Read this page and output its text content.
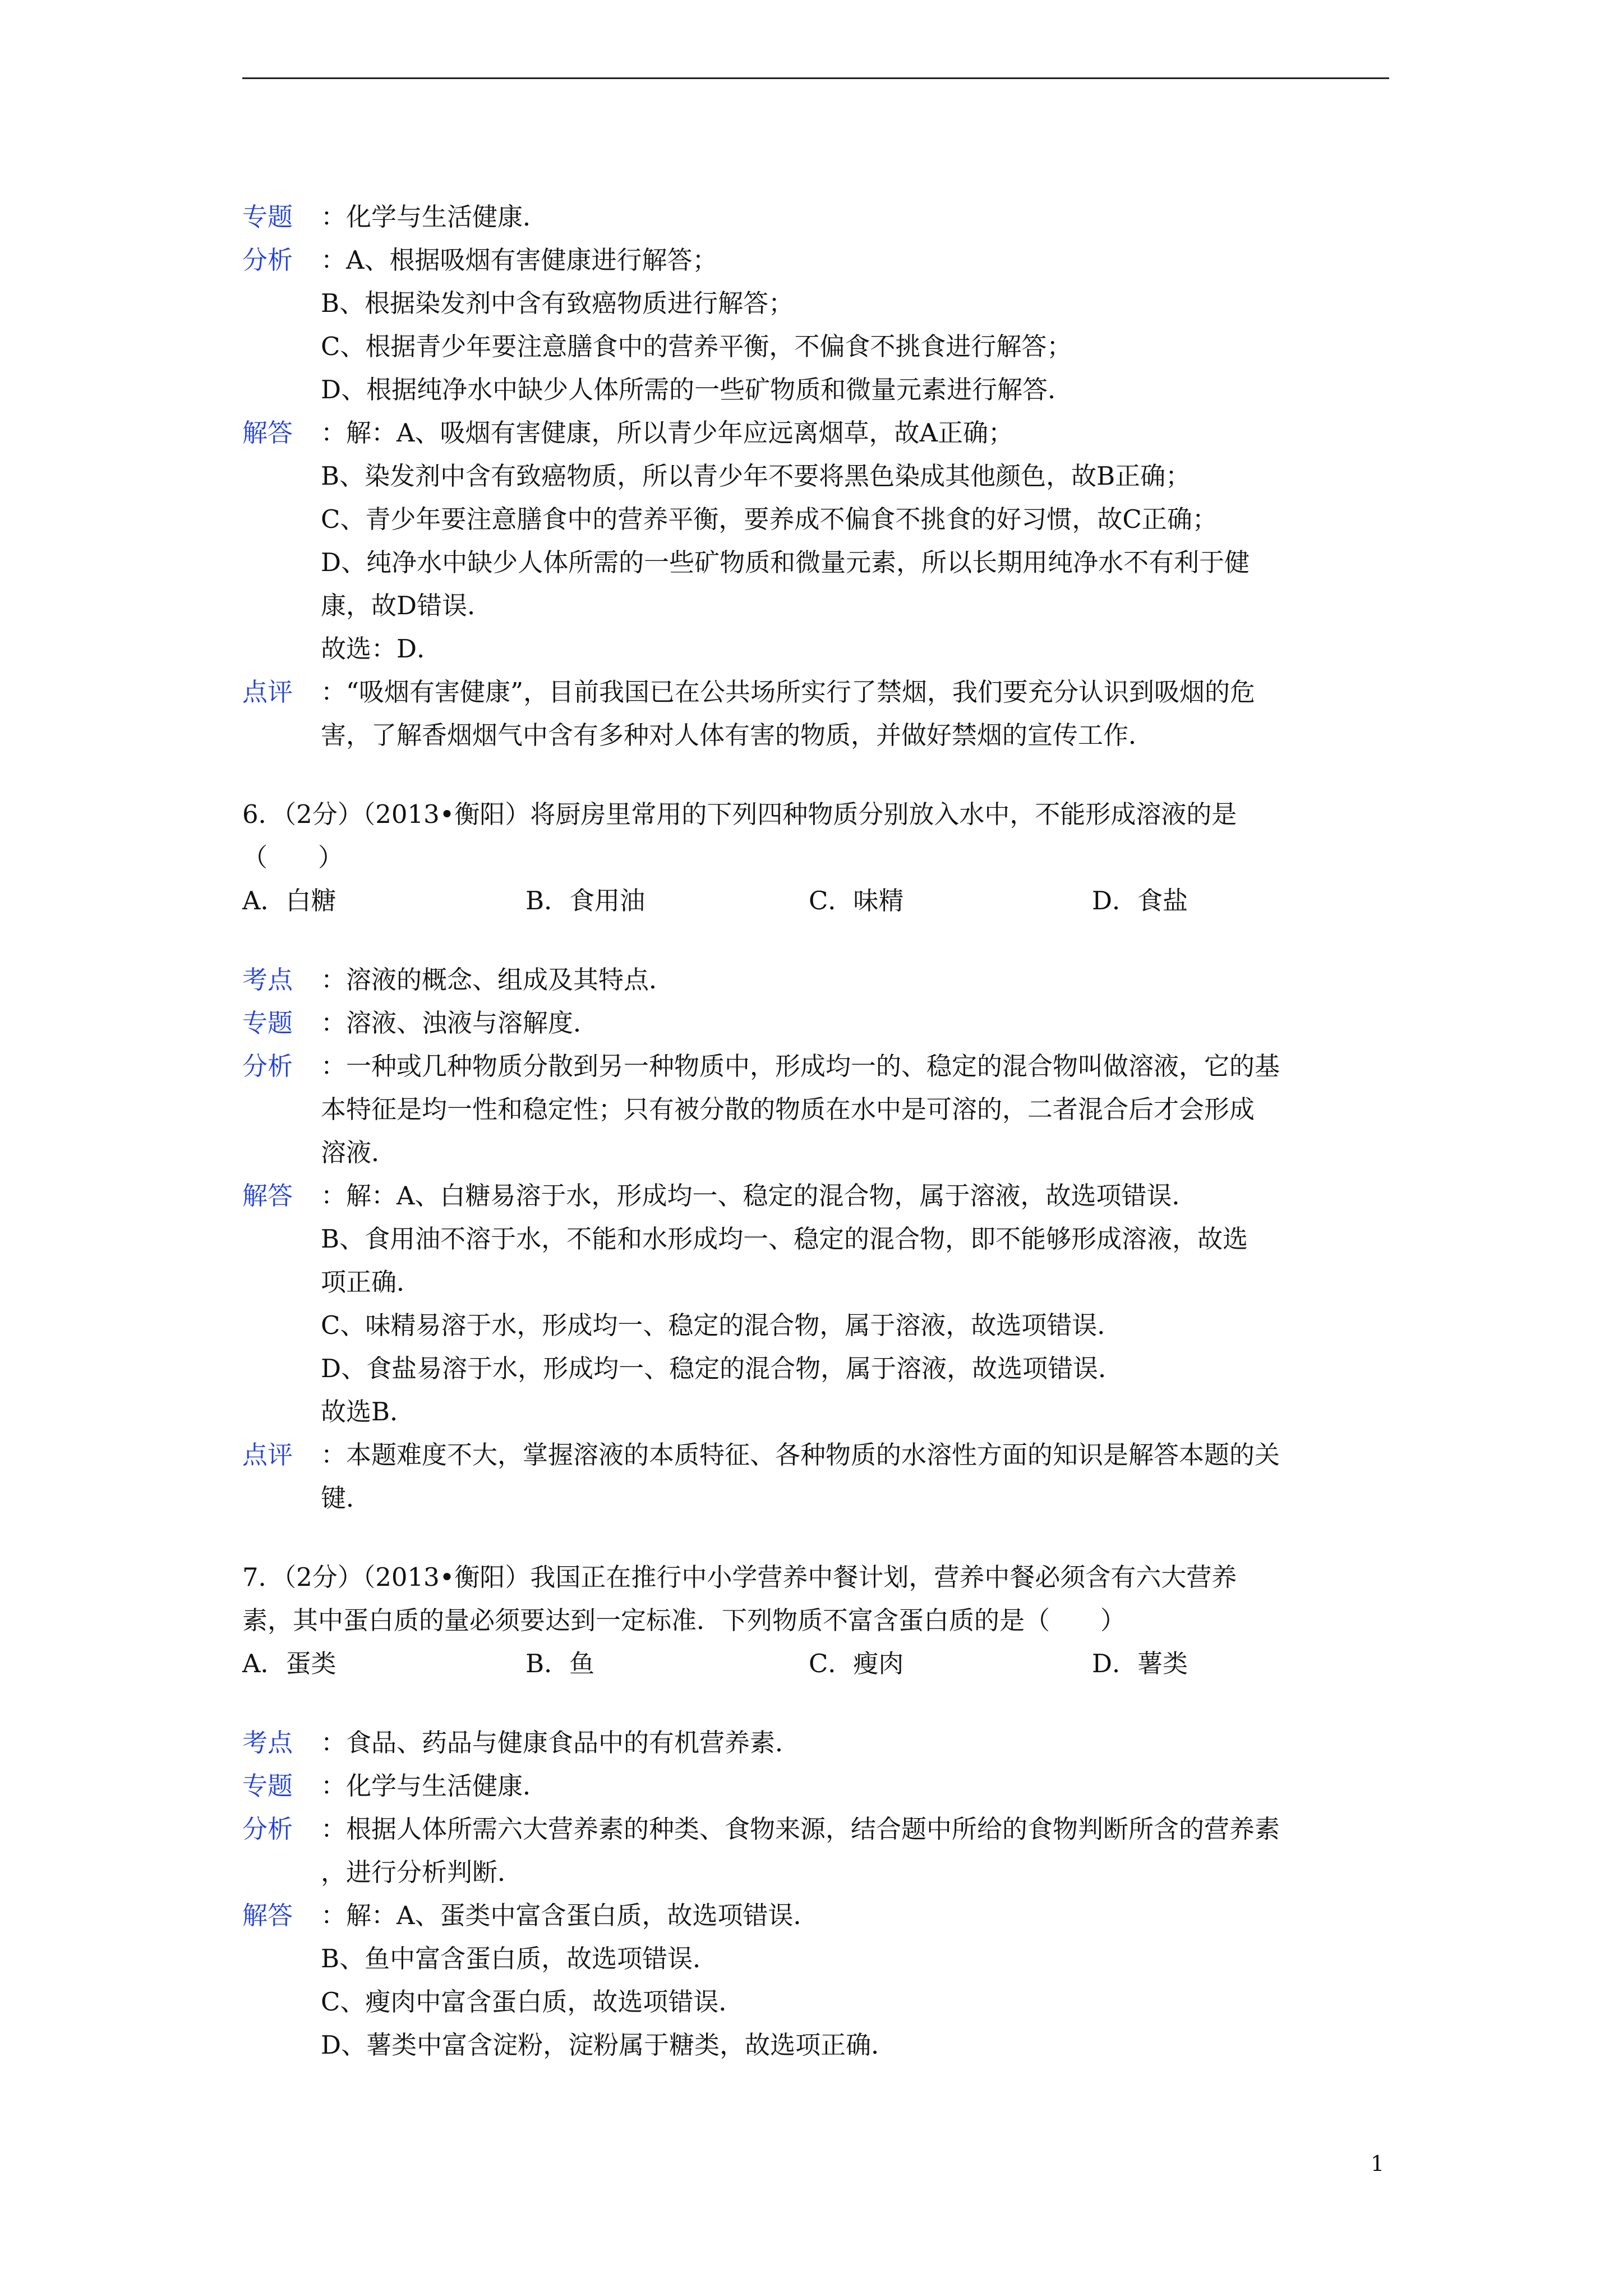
专题	：化学与生活健康．
分析	：A、根据吸烟有害健康进行解答；
B、根据染发剂中含有致癌物质进行解答；
C、根据青少年要注意膳食中的营养平衡，不偏食不挑食进行解答；
D、根据纯净水中缺少人体所需的一些矿物质和微量元素进行解答．
解答	：解：A、吸烟有害健康，所以青少年应远离烟草，故A正确；
B、染发剂中含有致癌物质，所以青少年不要将黑色染成其他颜色，故B正确；
C、青少年要注意膳食中的营养平衡，要养成不偏食不挑食的好习惯，故C正确；
D、纯净水中缺少人体所需的一些矿物质和微量元素，所以长期用纯净水不有利于健
康，故D错误．
故选：D．
点评	：“吸烟有害健康”，目前我国已在公共场所实行了禁烟，我们要充分认识到吸烟的危
害，了解香烟烟气中含有多种对人体有害的物质，并做好禁烟的宣传工作．
6．（2分）（2013•衡阳）将厨房里常用的下列四种物质分别放入水中，不能形成溶液的是
（　　）
A．白糖	B．食用油	C．味精	D．食盐
考点	：溶液的概念、组成及其特点．
专题	：溶液、浊液与溶解度．
分析	：一种或几种物质分散到另一种物质中，形成均一的、稳定的混合物叫做溶液，它的基
本特征是均一性和稳定性；只有被分散的物质在水中是可溶的，二者混合后才会形成
溶液．
解答	：解：A、白糖易溶于水，形成均一、稳定的混合物，属于溶液，故选项错误．
B、食用油不溶于水，不能和水形成均一、稳定的混合物，即不能够形成溶液，故选
项正确．
C、味精易溶于水，形成均一、稳定的混合物，属于溶液，故选项错误．
D、食盐易溶于水，形成均一、稳定的混合物，属于溶液，故选项错误．
故选B．
点评	：本题难度不大，掌握溶液的本质特征、各种物质的水溶性方面的知识是解答本题的关
键．
7．（2分）（2013•衡阳）我国正在推行中小学营养中餐计划，营养中餐必须含有六大营养
素，其中蛋白质的量必须要达到一定标准．下列物质不富含蛋白质的是（　　）
A．蛋类	B．鱼	C．瘦肉	D．薯类
考点	：食品、药品与健康食品中的有机营养素．
专题	：化学与生活健康．
分析	：根据人体所需六大营养素的种类、食物来源，结合题中所给的食物判断所含的营养素
，进行分析判断．
解答	：解：A、蛋类中富含蛋白质，故选项错误．
B、鱼中富含蛋白质，故选项错误．
C、瘦肉中富含蛋白质，故选项错误．
D、薯类中富含淀粉，淀粉属于糖类，故选项正确．
1
